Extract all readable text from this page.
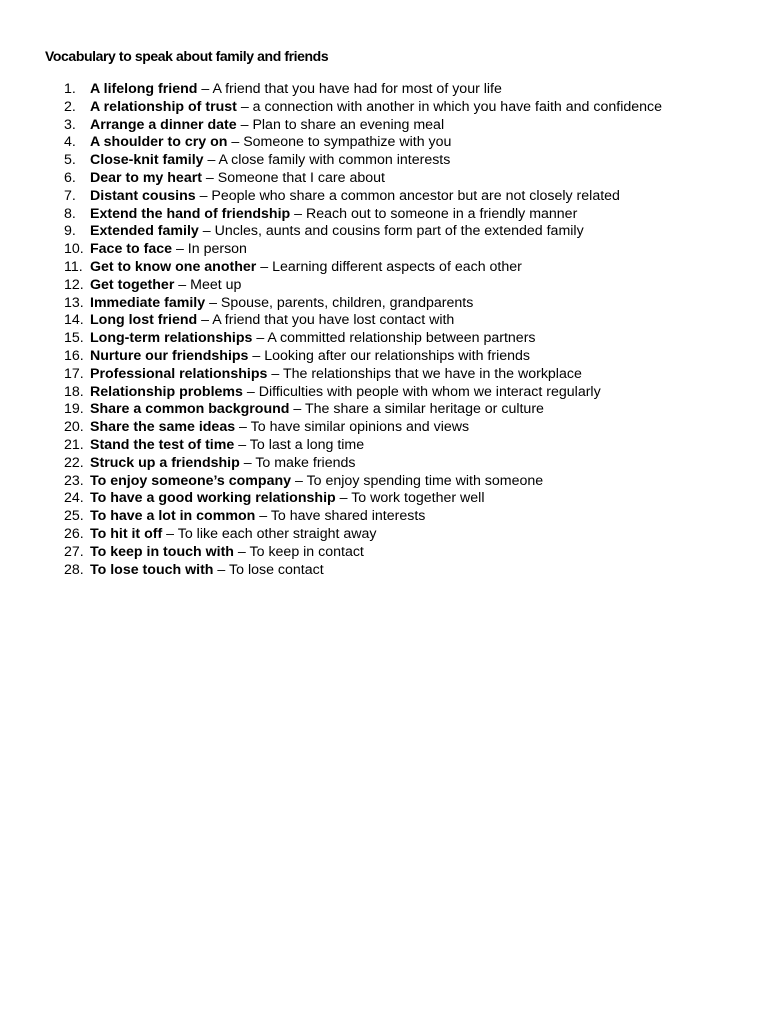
Vocabulary to speak about family and friends
1. A lifelong friend – A friend that you have had for most of your life
2. A relationship of trust – a connection with another in which you have faith and confidence
3. Arrange a dinner date – Plan to share an evening meal
4. A shoulder to cry on – Someone to sympathize with you
5. Close-knit family – A close family with common interests
6. Dear to my heart – Someone that I care about
7. Distant cousins – People who share a common ancestor but are not closely related
8. Extend the hand of friendship – Reach out to someone in a friendly manner
9. Extended family – Uncles, aunts and cousins form part of the extended family
10. Face to face – In person
11. Get to know one another – Learning different aspects of each other
12. Get together – Meet up
13. Immediate family – Spouse, parents, children, grandparents
14. Long lost friend – A friend that you have lost contact with
15. Long-term relationships – A committed relationship between partners
16. Nurture our friendships – Looking after our relationships with friends
17. Professional relationships – The relationships that we have in the workplace
18. Relationship problems – Difficulties with people with whom we interact regularly
19. Share a common background – The share a similar heritage or culture
20. Share the same ideas – To have similar opinions and views
21. Stand the test of time – To last a long time
22. Struck up a friendship – To make friends
23. To enjoy someone’s company – To enjoy spending time with someone
24. To have a good working relationship – To work together well
25. To have a lot in common – To have shared interests
26. To hit it off – To like each other straight away
27. To keep in touch with – To keep in contact
28. To lose touch with – To lose contact
